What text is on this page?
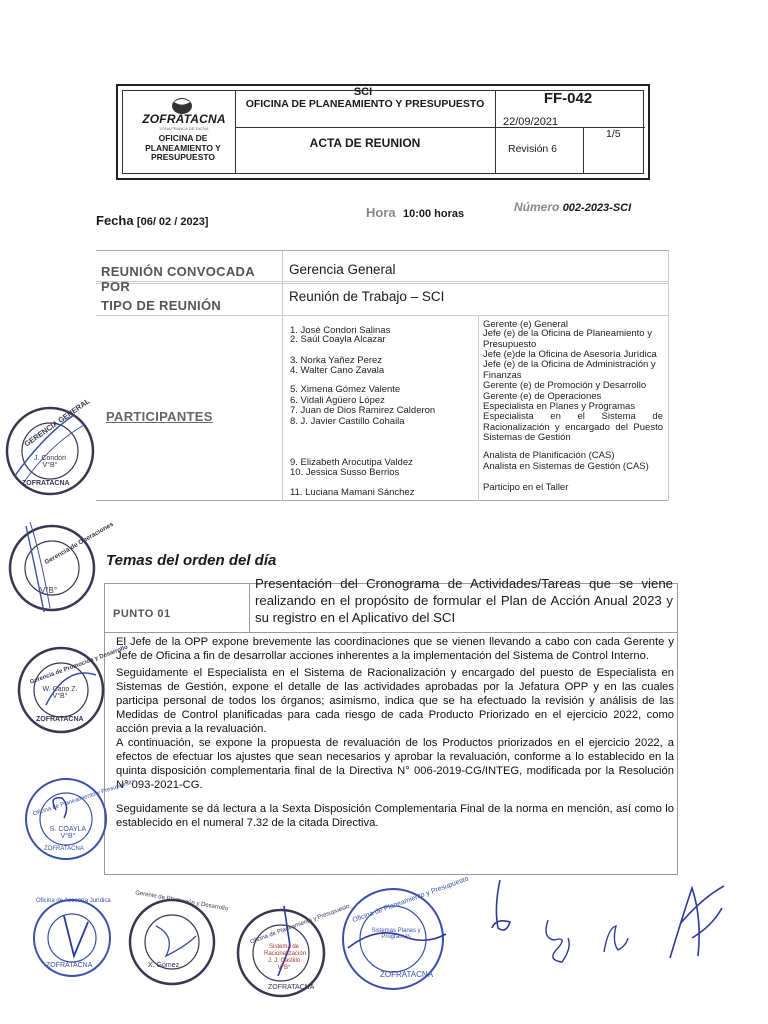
ZOFRATACNA
ZONA FRANCA DE TACNA
OFICINA DE PLANEAMIENTO Y PRESUPUESTO
SCI
OFICINA DE PLANEAMIENTO Y PRESUPUESTO	FF-042
ACTA DE REUNION
22/09/2021
Revisión 6
1/5
Fecha [06/ 02 / 2023]
Hora 10:00 horas	Número 002-2023-SCI
REUNIÓN CONVOCADA POR
Gerencia General
TIPO DE REUNIÓN
Reunión de Trabajo – SCI
PARTICIPANTES
1. José Condori Salinas
2. Saúl Coayla Alcazar
3. Norka Yañez Perez
4. Walter Cano Zavala
5. Ximena Gómez Valente
6. Vidali Agüero López
7. Juan de Dios Ramirez Calderon
8. J. Javier Castillo Cohaila
9. Elizabeth Arocutipa Valdez
10. Jessica Susso Berrios
11. Luciana Mamani Sánchez
Gerente (e) General
Jefe (e) de la Oficina de Planeamiento y Presupuesto
Jefe (e)de la Oficina de Asesoría Jurídica
Jefe (e) de la Oficina de Administración y Finanzas
Gerente (e) de Promoción y Desarrollo
Gerente (e) de Operaciones
Especialista en Planes y Programas
Especialista en el Sistema de Racionalización y encargado del Puesto Sistemas de Gestión
Analista de Planificación (CAS)
Analista en Sistemas de Gestión (CAS)
Participo en el Taller
Temas del orden del día
PUNTO 01
Presentación del Cronograma de Actividades/Tareas que se viene realizando en el propósito de formular el Plan de Acción Anual 2023 y su registro en el Aplicativo del SCI
El Jefe de la OPP expone brevemente las coordinaciones que se vienen llevando a cabo con cada Gerente y Jefe de Oficina a fin de desarrollar acciones inherentes a la implementación del Sistema de Control Interno.
Seguidamente el Especialista en el Sistema de Racionalización y encargado del puesto de Especialista en Sistemas de Gestión, expone el detalle de las actividades aprobadas por la Jefatura OPP y en las cuales participa personal de todos los órganos; asimismo, indica que se ha efectuado la revisión y análisis de las Medidas de Control planificadas para cada riesgo de cada Producto Priorizado en el ejercicio 2022, como acción previa a la revaluación.
A continuación, se expone la propuesta de revaluación de los Productos priorizados en el ejercicio 2022, a efectos de efectuar los ajustes que sean necesarios y aprobar la revaluación, conforme a lo establecido en la quinta disposición complementaria final de la Directiva N° 006-2019-CG/INTEG, modificada por la Resolución N° 093-2021-CG.
Seguidamente se dá lectura a la Sexta Disposición Complementaria Final de la norma en mención, así como lo establecido en el numeral 7.32 de la citada Directiva.
GERENCIA GENERAL
J. Condori V°B°
ZOFRATACNA
Gerencia de Operaciones
V°B°
Gerencia de Promoción y Desarrollo
W. Cano Z. V°B°
ZOFRATACNA
Oficina de Planeamiento y Presupuesto
S. COAYLA V°B°
ZOFRATACNA
Oficina de Asesoría Jurídica
ZOFRATACNA
Gerente de Promoción y Desarrollo
X. Gómez
Oficina de Planeamiento y Presupuesto
Sistema de Racionalización J. J. Castillo V°B°
ZOFRATACNA
Oficina de Planeamiento y Presupuesto
Sistemas Planes y Programas
ZOFRATACNA
